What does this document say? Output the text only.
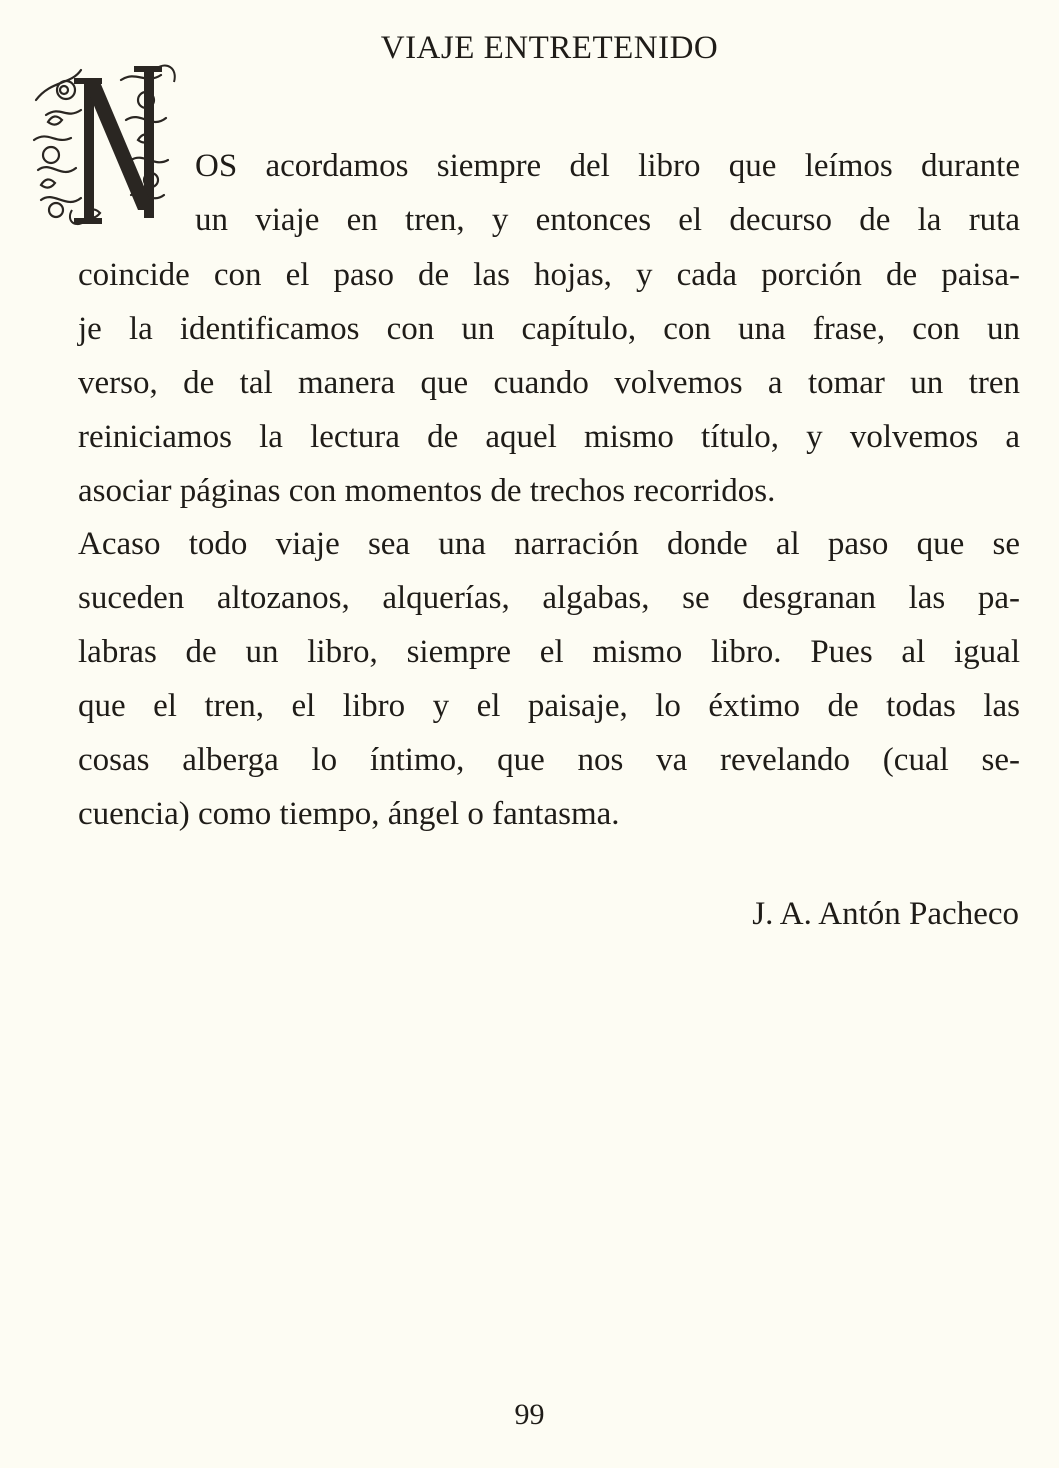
VIAJE ENTRETENIDO
OS acordamos siempre del libro que leímos durante
un viaje en tren, y entonces el decurso de la ruta
coincide con el paso de las hojas, y cada porción de paisa-
je la identificamos con un capítulo, con una frase, con un
verso, de tal manera que cuando volvemos a tomar un tren
reiniciamos la lectura de aquel mismo título, y volvemos a
asociar páginas con momentos de trechos recorridos.
Acaso todo viaje sea una narración donde al paso que se
suceden altozanos, alquerías, algabas, se desgranan las pa-
labras de un libro, siempre el mismo libro. Pues al igual
que el tren, el libro y el paisaje, lo éxtimo de todas las
cosas alberga lo íntimo, que nos va revelando (cual se-
cuencia) como tiempo, ángel o fantasma.
J. A. Antón Pacheco
99
